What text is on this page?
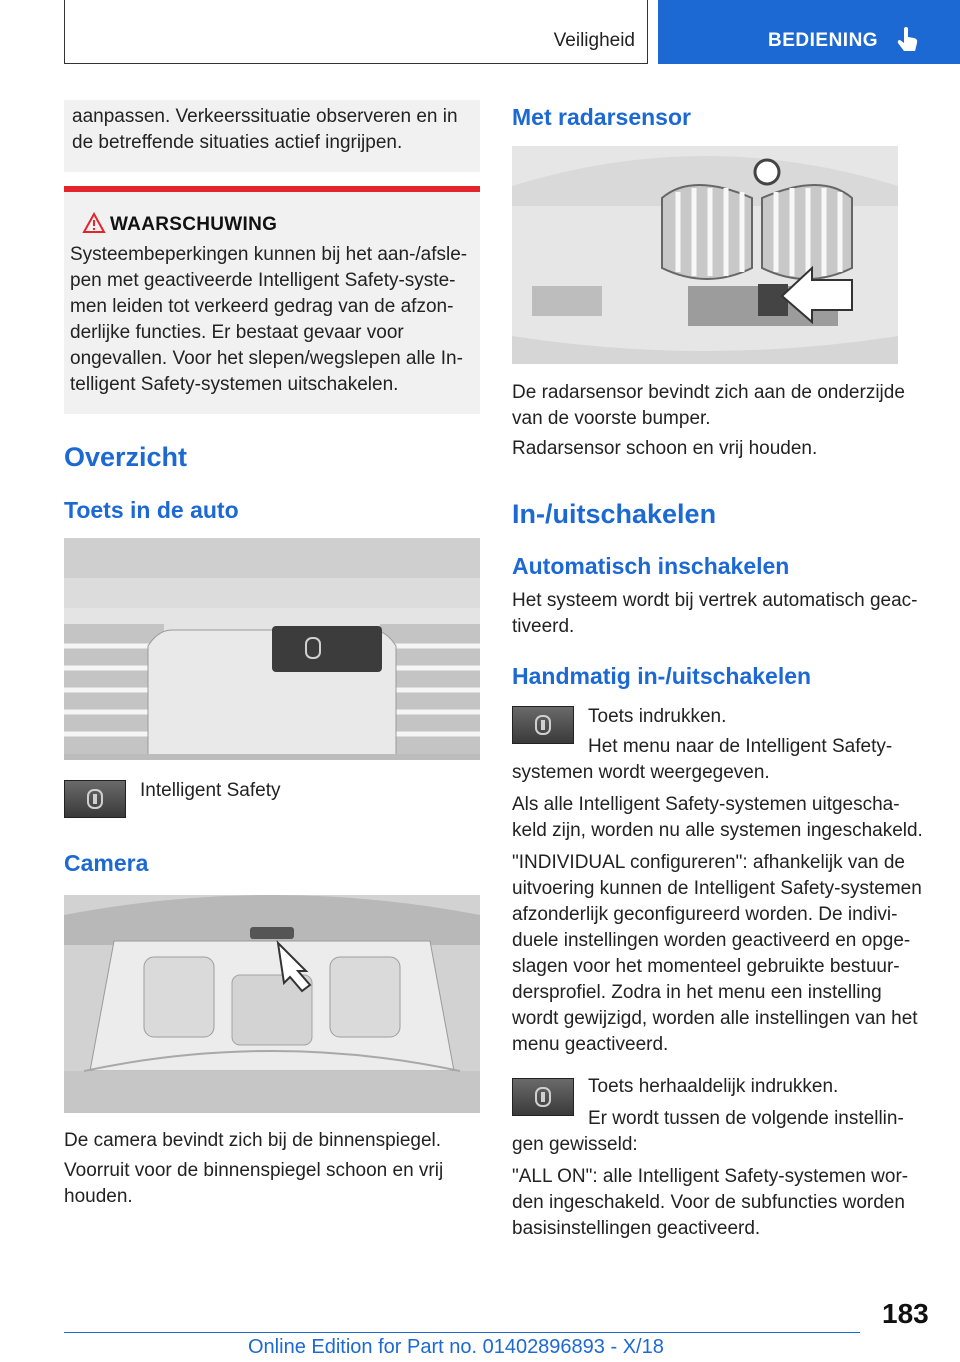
Veiligheid	BEDIENING
aanpassen. Verkeerssituatie observeren en in
de betreffende situaties actief ingrijpen.
WAARSCHUWING
Systeembeperkingen kunnen bij het aan-/afsle-
pen met geactiveerde Intelligent Safety-syste-
men leiden tot verkeerd gedrag van de afzon-
derlijke functies. Er bestaat gevaar voor
ongevallen. Voor het slepen/wegslepen alle In-
telligent Safety-systemen uitschakelen.
Overzicht
Toets in de auto
Intelligent Safety
Camera
De camera bevindt zich bij de binnenspiegel.
Voorruit voor de binnenspiegel schoon en vrij
houden.
Met radarsensor
De radarsensor bevindt zich aan de onderzijde
van de voorste bumper.
Radarsensor schoon en vrij houden.
In-/uitschakelen
Automatisch inschakelen
Het systeem wordt bij vertrek automatisch geac-
tiveerd.
Handmatig in-/uitschakelen
Toets indrukken.
Het menu naar de Intelligent Safety-
systemen wordt weergegeven.
Als alle Intelligent Safety-systemen uitgescha-
keld zijn, worden nu alle systemen ingeschakeld.
"INDIVIDUAL configureren": afhankelijk van de
uitvoering kunnen de Intelligent Safety-systemen
afzonderlijk geconfigureerd worden. De indivi-
duele instellingen worden geactiveerd en opge-
slagen voor het momenteel gebruikte bestuur-
dersprofiel. Zodra in het menu een instelling
wordt gewijzigd, worden alle instellingen van het
menu geactiveerd.
Toets herhaaldelijk indrukken.
Er wordt tussen de volgende instellin-
gen gewisseld:
"ALL ON": alle Intelligent Safety-systemen wor-
den ingeschakeld. Voor de subfuncties worden
basisinstellingen geactiveerd.
183
Online Edition for Part no. 01402896893 - X/18
